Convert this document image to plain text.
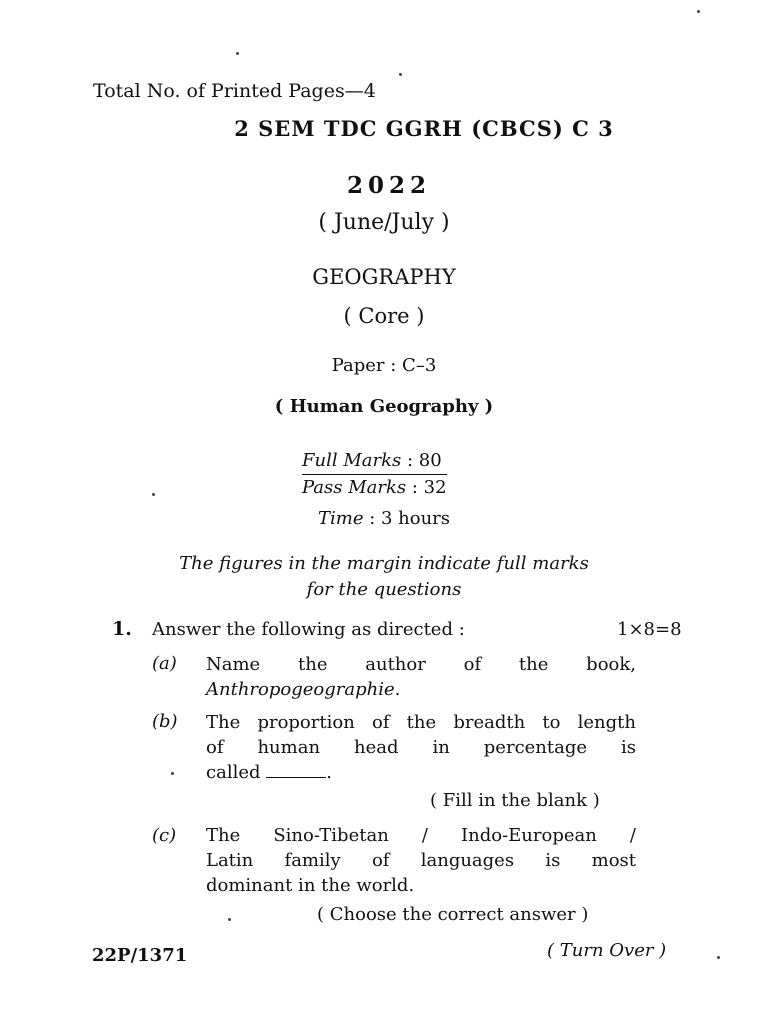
Total No. of Printed Pages—4
2 SEM TDC GGRH (CBCS) C 3
2022
( June/July )
GEOGRAPHY
( Core )
Paper : C–3
( Human Geography )
Full Marks : 80
Pass Marks : 32
Time : 3 hours
The figures in the margin indicate full marks
for the questions
1. Answer the following as directed :	1×8=8
(a) Name the author of the book,
Anthropogeographie.
(b) The proportion of the breadth to length
of human head in percentage is
called	.
( Fill in the blank )
(c) The Sino-Tibetan / Indo-European /
Latin family of languages is most
dominant in the world.
( Choose the correct answer )
22P/1371	( Turn Over )
